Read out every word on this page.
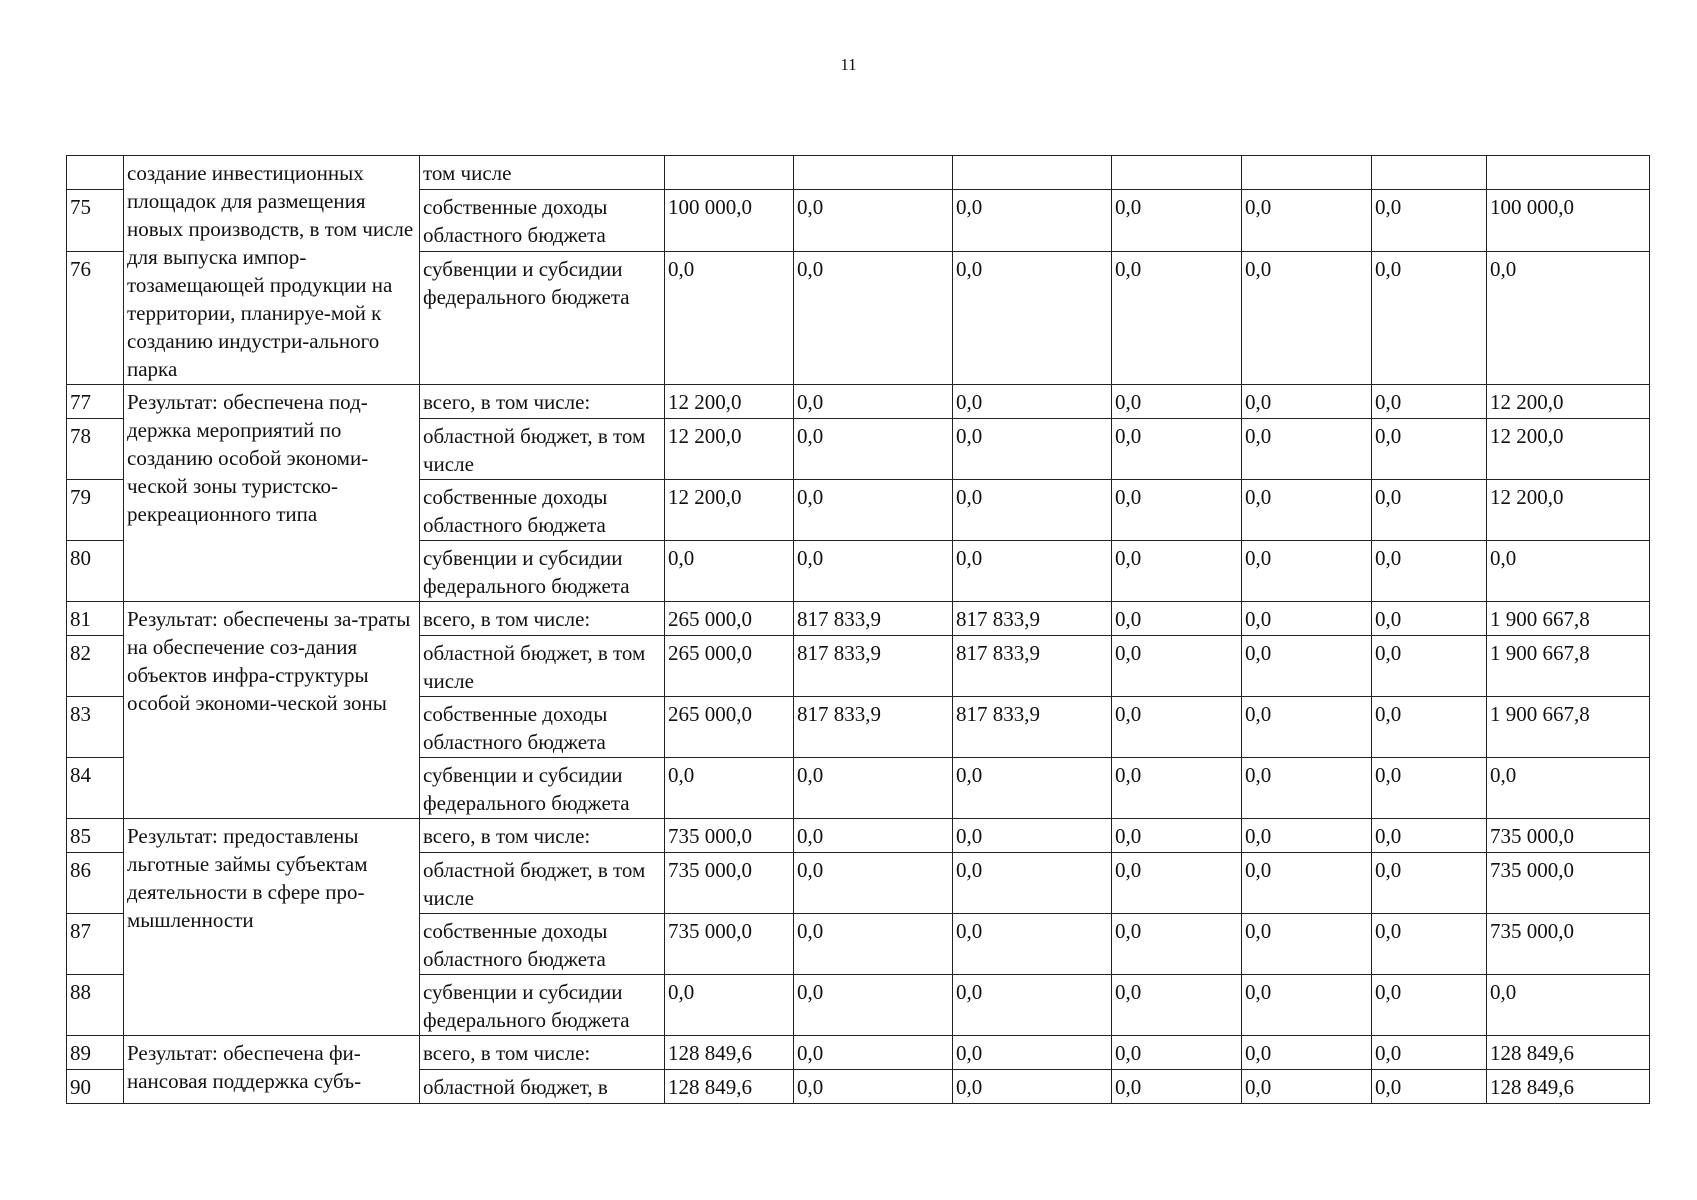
11
	создание инвестиционных площадок для размещения новых производств, в том числе для выпуска импор-тозамещающей продукции на территории, планируе-мой к созданию индустри-ального парка	том числе							
75		собственные доходы областного бюджета	100 000,0	0,0	0,0	0,0	0,0	0,0	100 000,0
76		субвенции и субсидии федерального бюджета	0,0	0,0	0,0	0,0	0,0	0,0	0,0
77	Результат: обеспечена под-держка мероприятий по созданию особой экономи-ческой зоны туристско-рекреационного типа	всего, в том числе:	12 200,0	0,0	0,0	0,0	0,0	0,0	12 200,0
78		областной бюджет, в том числе	12 200,0	0,0	0,0	0,0	0,0	0,0	12 200,0
79		собственные доходы областного бюджета	12 200,0	0,0	0,0	0,0	0,0	0,0	12 200,0
80		субвенции и субсидии федерального бюджета	0,0	0,0	0,0	0,0	0,0	0,0	0,0
81	Результат: обеспечены за-траты на обеспечение соз-дания объектов инфра-структуры особой экономи-ческой зоны	всего, в том числе:	265 000,0	817 833,9	817 833,9	0,0	0,0	0,0	1 900 667,8
82		областной бюджет, в том числе	265 000,0	817 833,9	817 833,9	0,0	0,0	0,0	1 900 667,8
83		собственные доходы областного бюджета	265 000,0	817 833,9	817 833,9	0,0	0,0	0,0	1 900 667,8
84		субвенции и субсидии федерального бюджета	0,0	0,0	0,0	0,0	0,0	0,0	0,0
85	Результат: предоставлены льготные займы субъектам деятельности в сфере про-мышленности	всего, в том числе:	735 000,0	0,0	0,0	0,0	0,0	0,0	735 000,0
86		областной бюджет, в том числе	735 000,0	0,0	0,0	0,0	0,0	0,0	735 000,0
87		собственные доходы областного бюджета	735 000,0	0,0	0,0	0,0	0,0	0,0	735 000,0
88		субвенции и субсидии федерального бюджета	0,0	0,0	0,0	0,0	0,0	0,0	0,0
89	Результат: обеспечена фи-нансовая поддержка субъ-	всего, в том числе:	128 849,6	0,0	0,0	0,0	0,0	0,0	128 849,6
90		областной бюджет, в	128 849,6	0,0	0,0	0,0	0,0	0,0	128 849,6
